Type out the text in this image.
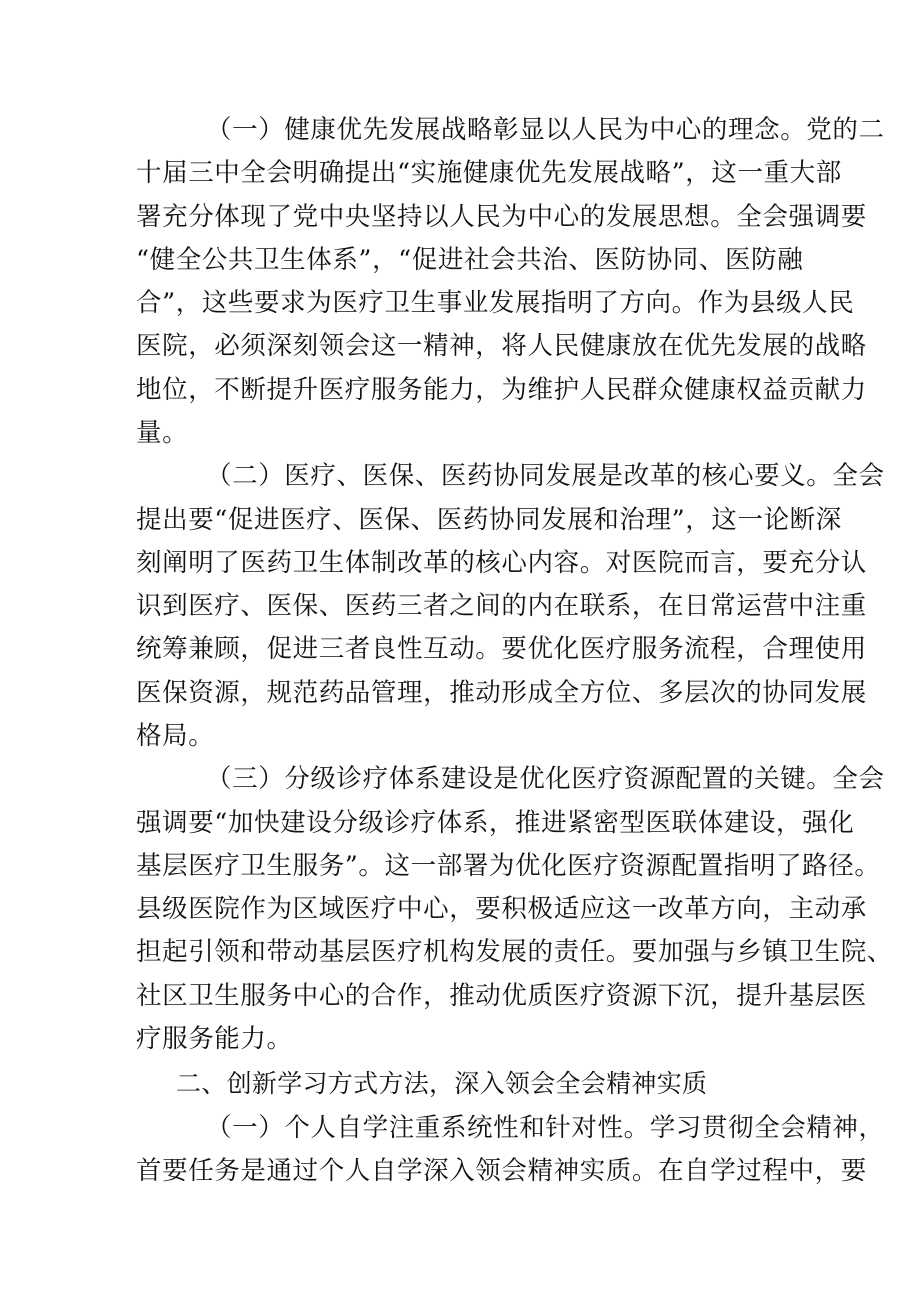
（一）健康优先发展战略彰显以人民为中心的理念。党的二
十届三中全会明确提出“实施健康优先发展战略”，这一重大部
署充分体现了党中央坚持以人民为中心的发展思想。全会强调要
“健全公共卫生体系”，“促进社会共治、医防协同、医防融
合”，这些要求为医疗卫生事业发展指明了方向。作为县级人民
医院，必须深刻领会这一精神，将人民健康放在优先发展的战略
地位，不断提升医疗服务能力，为维护人民群众健康权益贡献力
量。
（二）医疗、医保、医药协同发展是改革的核心要义。全会
提出要“促进医疗、医保、医药协同发展和治理”，这一论断深
刻阐明了医药卫生体制改革的核心内容。对医院而言，要充分认
识到医疗、医保、医药三者之间的内在联系，在日常运营中注重
统筹兼顾，促进三者良性互动。要优化医疗服务流程，合理使用
医保资源，规范药品管理，推动形成全方位、多层次的协同发展
格局。
（三）分级诊疗体系建设是优化医疗资源配置的关键。全会
强调要“加快建设分级诊疗体系，推进紧密型医联体建设，强化
基层医疗卫生服务”。这一部署为优化医疗资源配置指明了路径。
县级医院作为区域医疗中心，要积极适应这一改革方向，主动承
担起引领和带动基层医疗机构发展的责任。要加强与乡镇卫生院、
社区卫生服务中心的合作，推动优质医疗资源下沉，提升基层医
疗服务能力。
二、创新学习方式方法，深入领会全会精神实质
（一）个人自学注重系统性和针对性。学习贯彻全会精神，
首要任务是通过个人自学深入领会精神实质。在自学过程中，要
